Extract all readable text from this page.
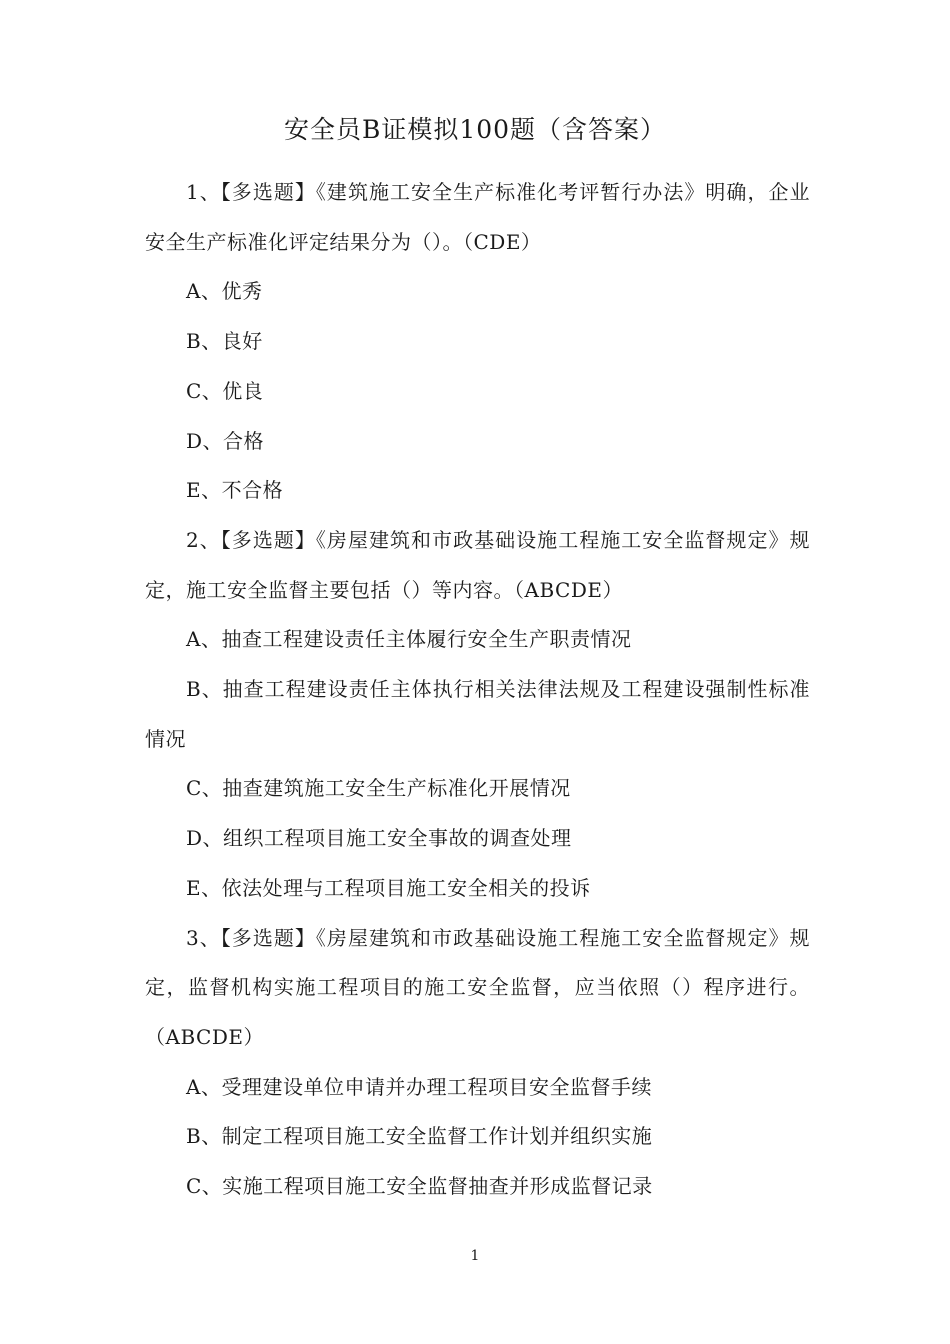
安全员B证模拟100题（含答案）

1、【多选题】《建筑施工安全生产标准化考评暂行办法》明确，企业安全生产标准化评定结果分为（）。（CDE）

A、优秀

B、良好

C、优良

D、合格

E、不合格

2、【多选题】《房屋建筑和市政基础设施工程施工安全监督规定》规定，施工安全监督主要包括（）等内容。（ABCDE）

A、抽查工程建设责任主体履行安全生产职责情况

B、抽查工程建设责任主体执行相关法律法规及工程建设强制性标准情况

C、抽查建筑施工安全生产标准化开展情况

D、组织工程项目施工安全事故的调查处理

E、依法处理与工程项目施工安全相关的投诉

3、【多选题】《房屋建筑和市政基础设施工程施工安全监督规定》规定，监督机构实施工程项目的施工安全监督，应当依照（）程序进行。（ABCDE）

A、受理建设单位申请并办理工程项目安全监督手续

B、制定工程项目施工安全监督工作计划并组织实施

C、实施工程项目施工安全监督抽查并形成监督记录

1
